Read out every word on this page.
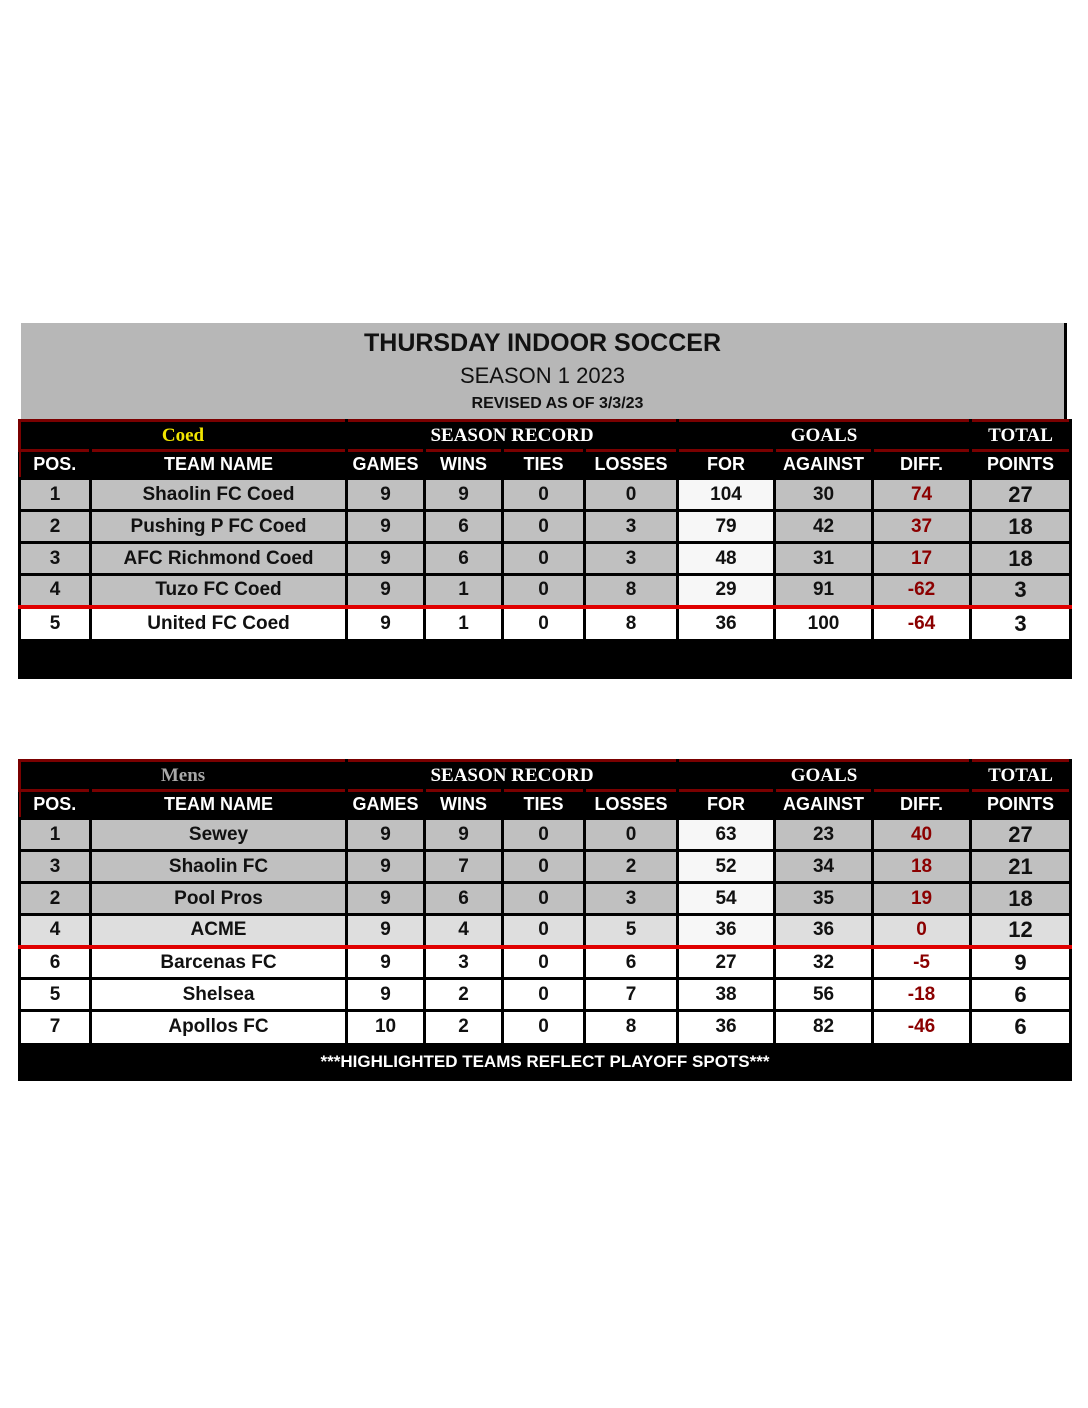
THURSDAY INDOOR SOCCER
SEASON 1 2023
REVISED AS OF 3/3/23
Coed		SEASON RECORD				GOALS			TOTAL
POS.	TEAM NAME	GAMES	WINS	TIES	LOSSES	FOR	AGAINST	DIFF.	POINTS
1	Shaolin FC Coed	9	9	0	0	104	30	74	27
2	Pushing P FC Coed	9	6	0	3	79	42	37	18
3	AFC Richmond Coed	9	6	0	3	48	31	17	18
4	Tuzo FC Coed	9	1	0	8	29	91	-62	3
5	United FC Coed	9	1	0	8	36	100	-64	3

Mens		SEASON RECORD				GOALS			TOTAL
POS.	TEAM NAME	GAMES	WINS	TIES	LOSSES	FOR	AGAINST	DIFF.	POINTS
1	Sewey	9	9	0	0	63	23	40	27
3	Shaolin FC	9	7	0	2	52	34	18	21
2	Pool Pros	9	6	0	3	54	35	19	18
4	ACME	9	4	0	5	36	36	0	12
6	Barcenas FC	9	3	0	6	27	32	-5	9
5	Shelsea	9	2	0	7	38	56	-18	6
7	Apollos FC	10	2	0	8	36	82	-46	6
***HIGHLIGHTED TEAMS REFLECT PLAYOFF SPOTS***									
